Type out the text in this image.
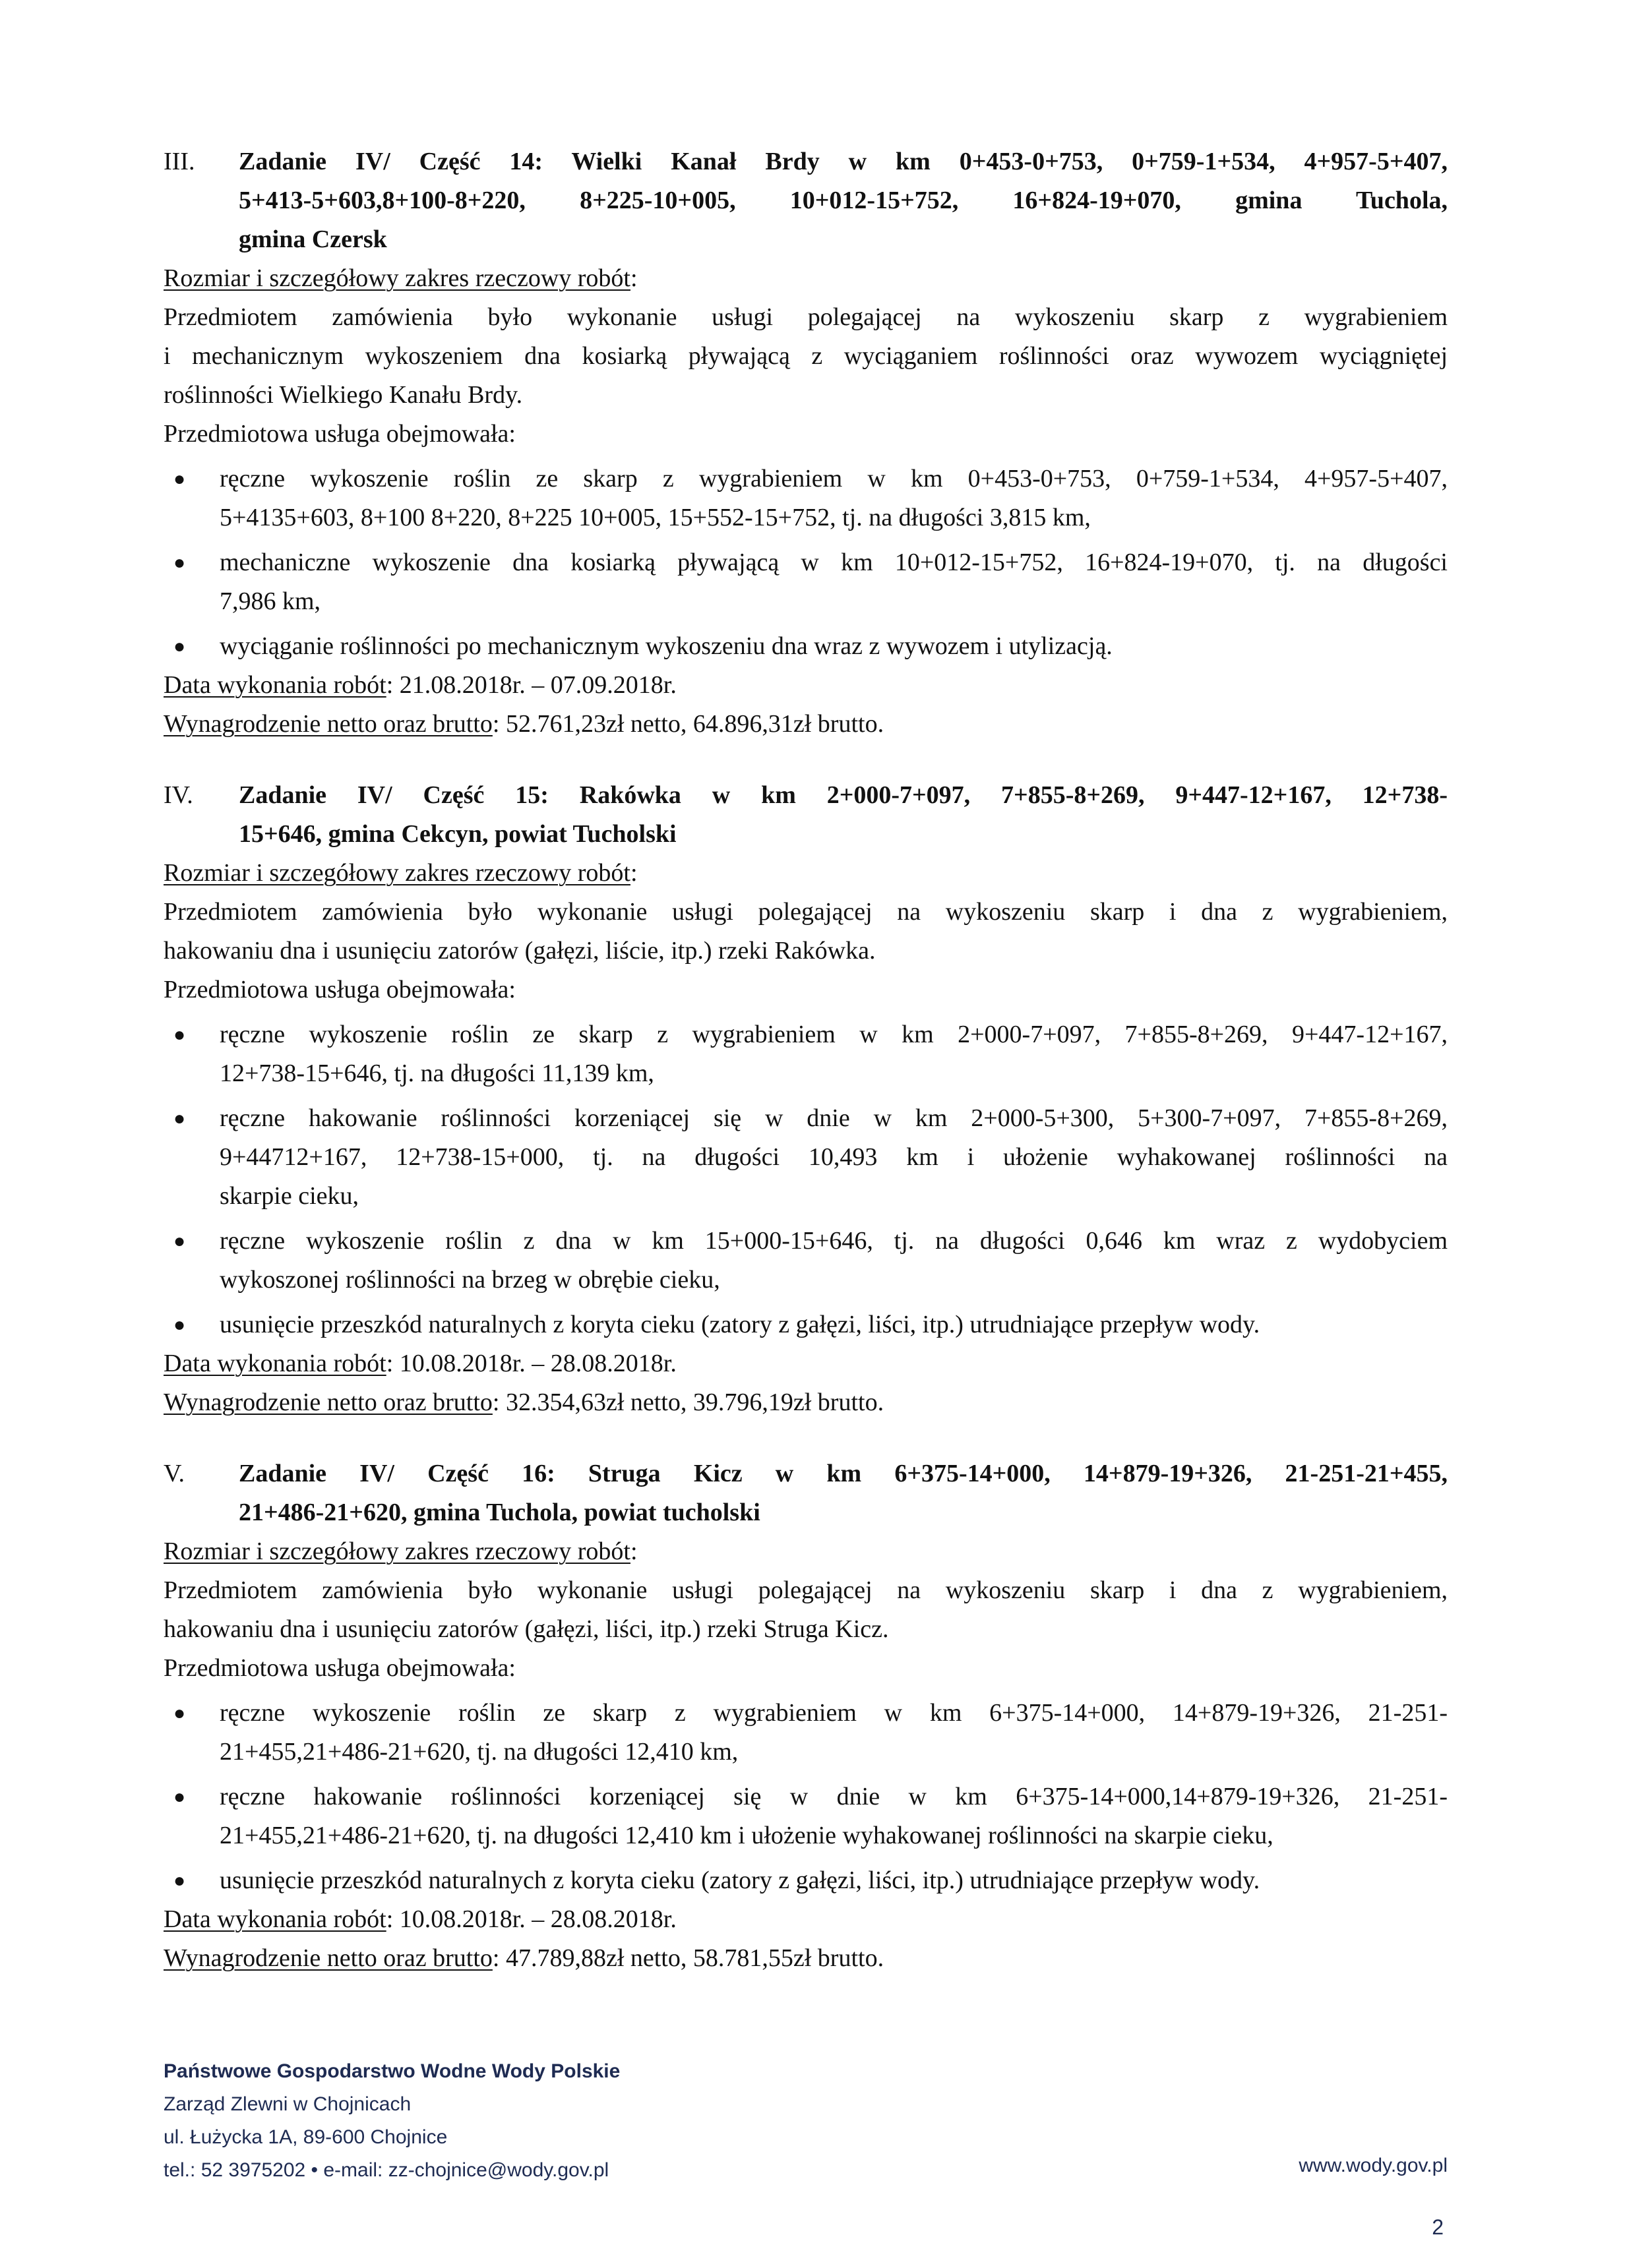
III.	Zadanie IV/ Część 14: Wielki Kanał Brdy w km 0+453-0+753, 0+759-1+534, 4+957-5+407,
5+413-5+603,8+100-8+220, 8+225-10+005, 10+012-15+752, 16+824-19+070, gmina Tuchola,
gmina Czersk
Rozmiar i szczegółowy zakres rzeczowy robót:
Przedmiotem zamówienia było wykonanie usługi polegającej na wykoszeniu skarp z wygrabieniem
i mechanicznym wykoszeniem dna kosiarką pływającą z wyciąganiem roślinności oraz wywozem wyciągniętej
roślinności Wielkiego Kanału Brdy.
Przedmiotowa usługa obejmowała:
●	ręczne wykoszenie roślin ze skarp z wygrabieniem w km 0+453-0+753, 0+759-1+534, 4+957-5+407,
5+4135+603, 8+100 8+220, 8+225 10+005, 15+552-15+752, tj. na długości 3,815 km,
●	mechaniczne wykoszenie dna kosiarką pływającą w km 10+012-15+752, 16+824-19+070, tj. na długości
7,986 km,
●	wyciąganie roślinności po mechanicznym wykoszeniu dna wraz z wywozem i utylizacją.
Data wykonania robót: 21.08.2018r. – 07.09.2018r.
Wynagrodzenie netto oraz brutto: 52.761,23zł netto, 64.896,31zł brutto.
IV.	Zadanie IV/ Część 15: Rakówka w km 2+000-7+097, 7+855-8+269, 9+447-12+167, 12+738-
15+646, gmina Cekcyn, powiat Tucholski
Rozmiar i szczegółowy zakres rzeczowy robót:
Przedmiotem zamówienia było wykonanie usługi polegającej na wykoszeniu skarp i dna z wygrabieniem,
hakowaniu dna i usunięciu zatorów (gałęzi, liście, itp.) rzeki Rakówka.
Przedmiotowa usługa obejmowała:
●	ręczne wykoszenie roślin ze skarp z wygrabieniem w km 2+000-7+097, 7+855-8+269, 9+447-12+167,
12+738-15+646, tj. na długości 11,139 km,
●	ręczne hakowanie roślinności korzeniącej się w dnie w km 2+000-5+300, 5+300-7+097, 7+855-8+269,
9+44712+167, 12+738-15+000, tj. na długości 10,493 km i ułożenie wyhakowanej roślinności na
skarpie cieku,
●	ręczne wykoszenie roślin z dna w km 15+000-15+646, tj. na długości 0,646 km wraz z wydobyciem
wykoszonej roślinności na brzeg w obrębie cieku,
●	usunięcie przeszkód naturalnych z koryta cieku (zatory z gałęzi, liści, itp.) utrudniające przepływ wody.
Data wykonania robót: 10.08.2018r. – 28.08.2018r.
Wynagrodzenie netto oraz brutto: 32.354,63zł netto, 39.796,19zł brutto.
V.	Zadanie IV/ Część 16: Struga Kicz w km 6+375-14+000, 14+879-19+326, 21-251-21+455,
21+486-21+620, gmina Tuchola, powiat tucholski
Rozmiar i szczegółowy zakres rzeczowy robót:
Przedmiotem zamówienia było wykonanie usługi polegającej na wykoszeniu skarp i dna z wygrabieniem,
hakowaniu dna i usunięciu zatorów (gałęzi, liści, itp.) rzeki Struga Kicz.
Przedmiotowa usługa obejmowała:
●	ręczne wykoszenie roślin ze skarp z wygrabieniem w km 6+375-14+000, 14+879-19+326, 21-251-
21+455,21+486-21+620, tj. na długości 12,410 km,
●	ręczne hakowanie roślinności korzeniącej się w dnie w km 6+375-14+000,14+879-19+326, 21-251-
21+455,21+486-21+620, tj. na długości 12,410 km i ułożenie wyhakowanej roślinności na skarpie cieku,
●	usunięcie przeszkód naturalnych z koryta cieku (zatory z gałęzi, liści, itp.) utrudniające przepływ wody.
Data wykonania robót: 10.08.2018r. – 28.08.2018r.
Wynagrodzenie netto oraz brutto: 47.789,88zł netto, 58.781,55zł brutto.
Państwowe Gospodarstwo Wodne Wody Polskie
Zarząd Zlewni w Chojnicach
ul. Łużycka 1A, 89-600 Chojnice
tel.: 52 3975202 • e-mail: zz-chojnice@wody.gov.pl	www.wody.gov.pl
2
